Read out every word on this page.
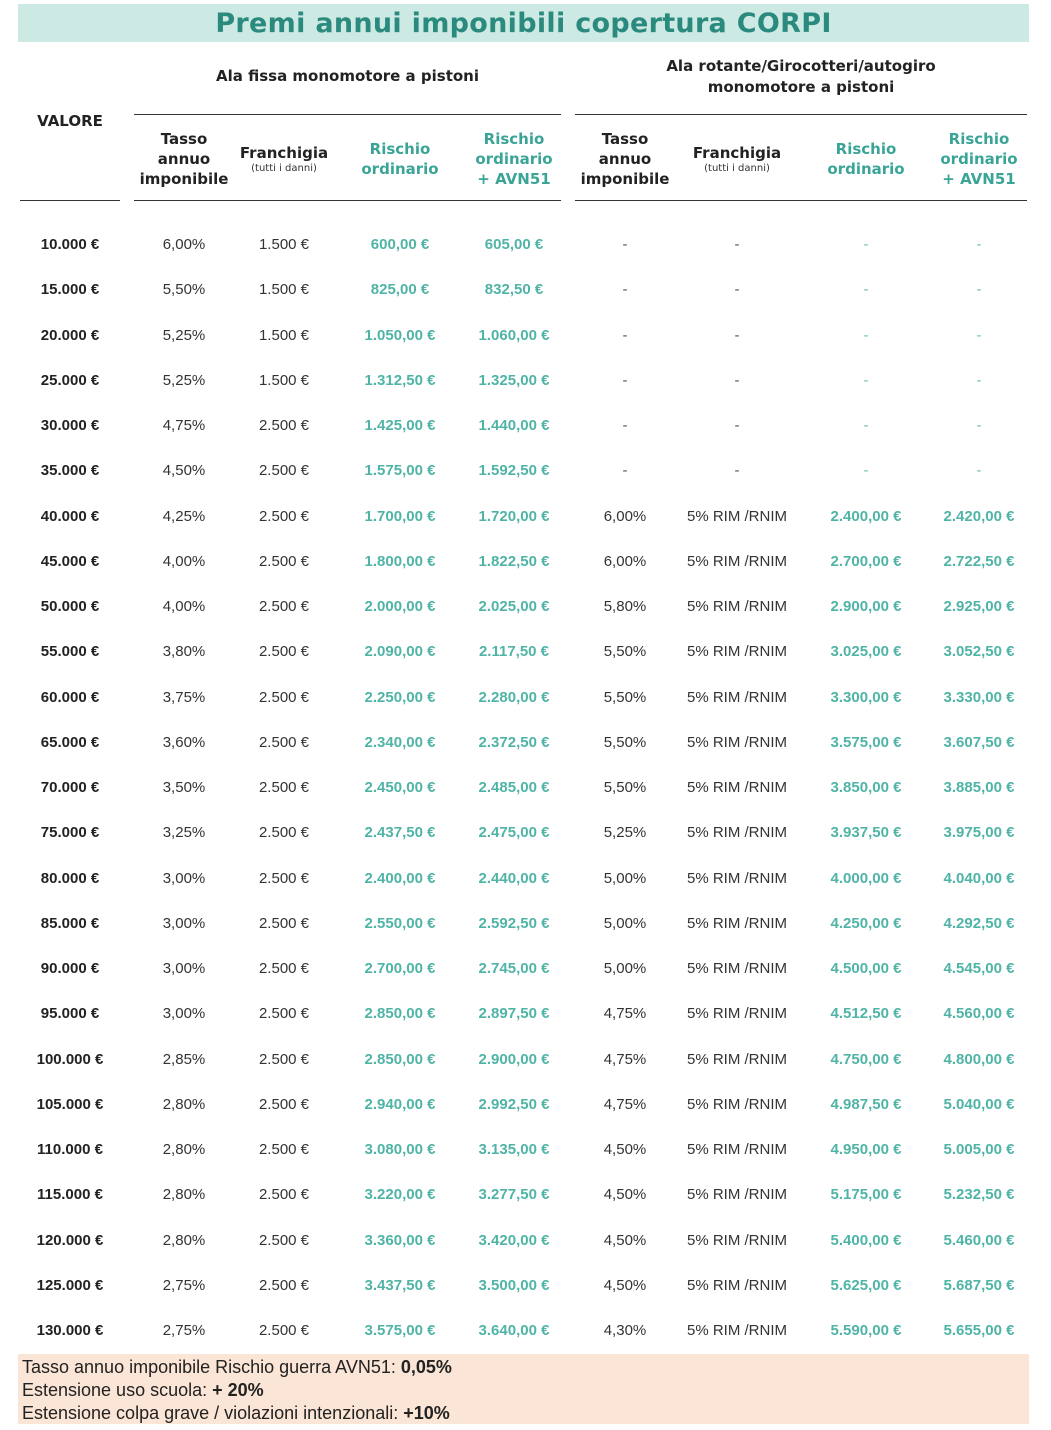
Premi annui imponibili copertura CORPI
VALORE
Ala fissa monomotore a pistoni
Ala rotante/Girocotteri/autogiro
monomotore a pistoni
Tasso
annuo
imponibile
Franchigia
(tutti i danni)
Rischio
ordinario
Rischio
ordinario
+ AVN51
Tasso
annuo
imponibile
Franchigia
(tutti i danni)
Rischio
ordinario
Rischio
ordinario
+ AVN51
10.000 €	6,00%	1.500 €	600,00 €	605,00 €	-	-	-	-
15.000 €	5,50%	1.500 €	825,00 €	832,50 €	-	-	-	-
20.000 €	5,25%	1.500 €	1.050,00 €	1.060,00 €	-	-	-	-
25.000 €	5,25%	1.500 €	1.312,50 €	1.325,00 €	-	-	-	-
30.000 €	4,75%	2.500 €	1.425,00 €	1.440,00 €	-	-	-	-
35.000 €	4,50%	2.500 €	1.575,00 €	1.592,50 €	-	-	-	-
40.000 €	4,25%	2.500 €	1.700,00 €	1.720,00 €	6,00%	5% RIM /RNIM	2.400,00 €	2.420,00 €
45.000 €	4,00%	2.500 €	1.800,00 €	1.822,50 €	6,00%	5% RIM /RNIM	2.700,00 €	2.722,50 €
50.000 €	4,00%	2.500 €	2.000,00 €	2.025,00 €	5,80%	5% RIM /RNIM	2.900,00 €	2.925,00 €
55.000 €	3,80%	2.500 €	2.090,00 €	2.117,50 €	5,50%	5% RIM /RNIM	3.025,00 €	3.052,50 €
60.000 €	3,75%	2.500 €	2.250,00 €	2.280,00 €	5,50%	5% RIM /RNIM	3.300,00 €	3.330,00 €
65.000 €	3,60%	2.500 €	2.340,00 €	2.372,50 €	5,50%	5% RIM /RNIM	3.575,00 €	3.607,50 €
70.000 €	3,50%	2.500 €	2.450,00 €	2.485,00 €	5,50%	5% RIM /RNIM	3.850,00 €	3.885,00 €
75.000 €	3,25%	2.500 €	2.437,50 €	2.475,00 €	5,25%	5% RIM /RNIM	3.937,50 €	3.975,00 €
80.000 €	3,00%	2.500 €	2.400,00 €	2.440,00 €	5,00%	5% RIM /RNIM	4.000,00 €	4.040,00 €
85.000 €	3,00%	2.500 €	2.550,00 €	2.592,50 €	5,00%	5% RIM /RNIM	4.250,00 €	4.292,50 €
90.000 €	3,00%	2.500 €	2.700,00 €	2.745,00 €	5,00%	5% RIM /RNIM	4.500,00 €	4.545,00 €
95.000 €	3,00%	2.500 €	2.850,00 €	2.897,50 €	4,75%	5% RIM /RNIM	4.512,50 €	4.560,00 €
100.000 €	2,85%	2.500 €	2.850,00 €	2.900,00 €	4,75%	5% RIM /RNIM	4.750,00 €	4.800,00 €
105.000 €	2,80%	2.500 €	2.940,00 €	2.992,50 €	4,75%	5% RIM /RNIM	4.987,50 €	5.040,00 €
110.000 €	2,80%	2.500 €	3.080,00 €	3.135,00 €	4,50%	5% RIM /RNIM	4.950,00 €	5.005,00 €
115.000 €	2,80%	2.500 €	3.220,00 €	3.277,50 €	4,50%	5% RIM /RNIM	5.175,00 €	5.232,50 €
120.000 €	2,80%	2.500 €	3.360,00 €	3.420,00 €	4,50%	5% RIM /RNIM	5.400,00 €	5.460,00 €
125.000 €	2,75%	2.500 €	3.437,50 €	3.500,00 €	4,50%	5% RIM /RNIM	5.625,00 €	5.687,50 €
130.000 €	2,75%	2.500 €	3.575,00 €	3.640,00 €	4,30%	5% RIM /RNIM	5.590,00 €	5.655,00 €
Tasso annuo imponibile Rischio guerra AVN51: 0,05%
Estensione uso scuola: + 20%
Estensione colpa grave / violazioni intenzionali: +10%
